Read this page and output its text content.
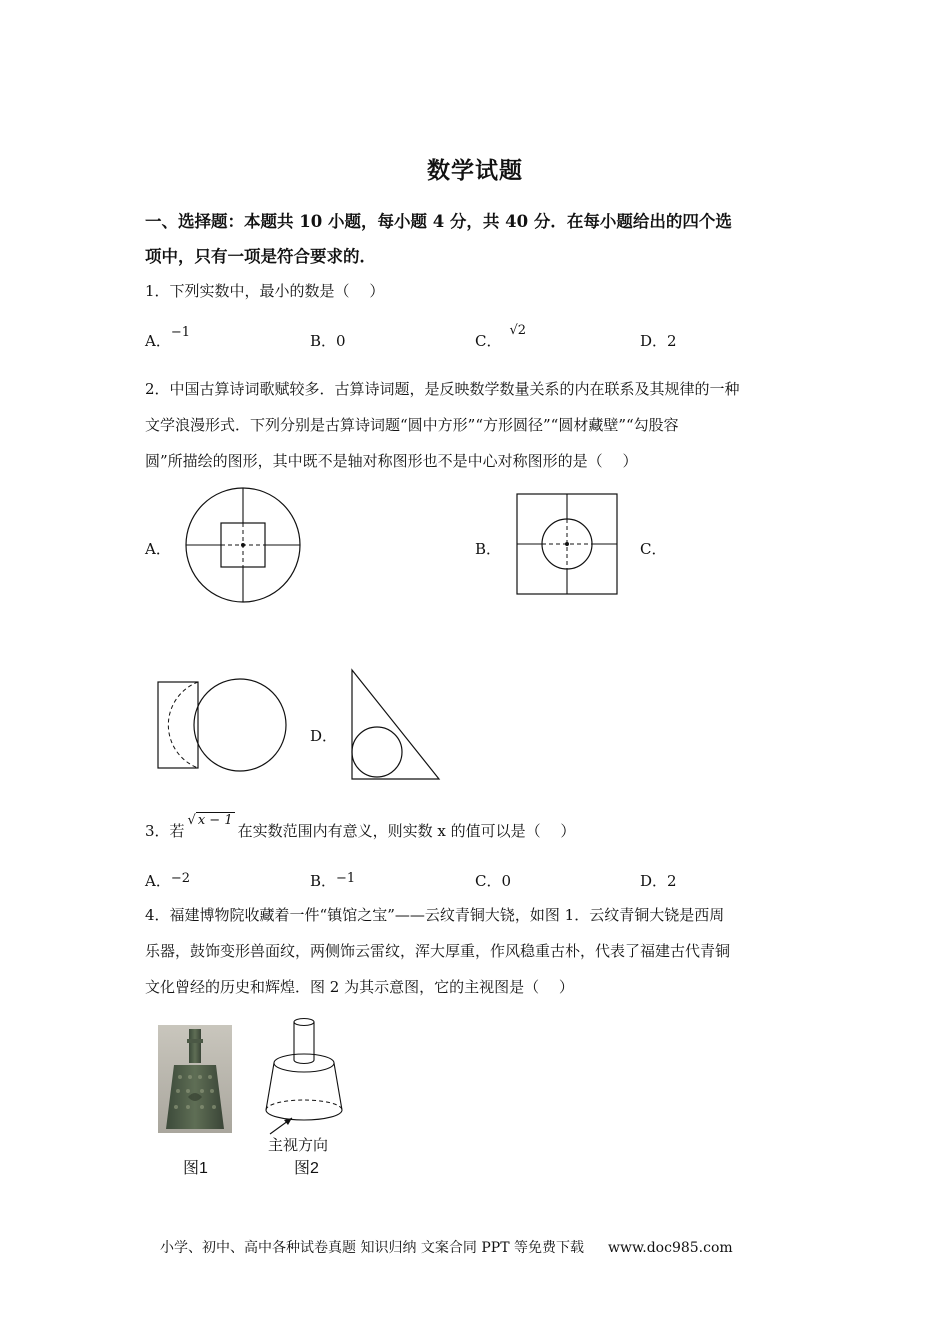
数学试题
一、选择题：本题共 10 小题，每小题 4 分，共 40 分．在每小题给出的四个选
项中，只有一项是符合要求的．
1．下列实数中，最小的数是（　 ）
A．−1	B．0	C．√2
D．2
2．中国古算诗词歌赋较多．古算诗词题，是反映数学数量关系的内在联系及其规律的一种
文学浪漫形式．下列分别是古算诗词题“圆中方形”“方形圆径”“圆材藏壁”“勾股容
圆”所描绘的图形，其中既不是轴对称图形也不是中心对称图形的是（　 ）
A．	B．	C．
D．
3．若√ x − 1在实数范围内有意义，则实数 x 的值可以是（　 ）
A．−2	B．−1	C．0	D．2
4．福建博物院收藏着一件“镇馆之宝”——云纹青铜大铙，如图 1．云纹青铜大铙是西周
乐器，鼓饰变形兽面纹，两侧饰云雷纹，浑大厚重，作风稳重古朴，代表了福建古代青铜
文化曾经的历史和辉煌．图 2 为其示意图，它的主视图是（　 ）
图1
主视方向
图2
小学、初中、高中各种试卷真题 知识归纳 文案合同 PPT 等免费下载 www.doc985.com
